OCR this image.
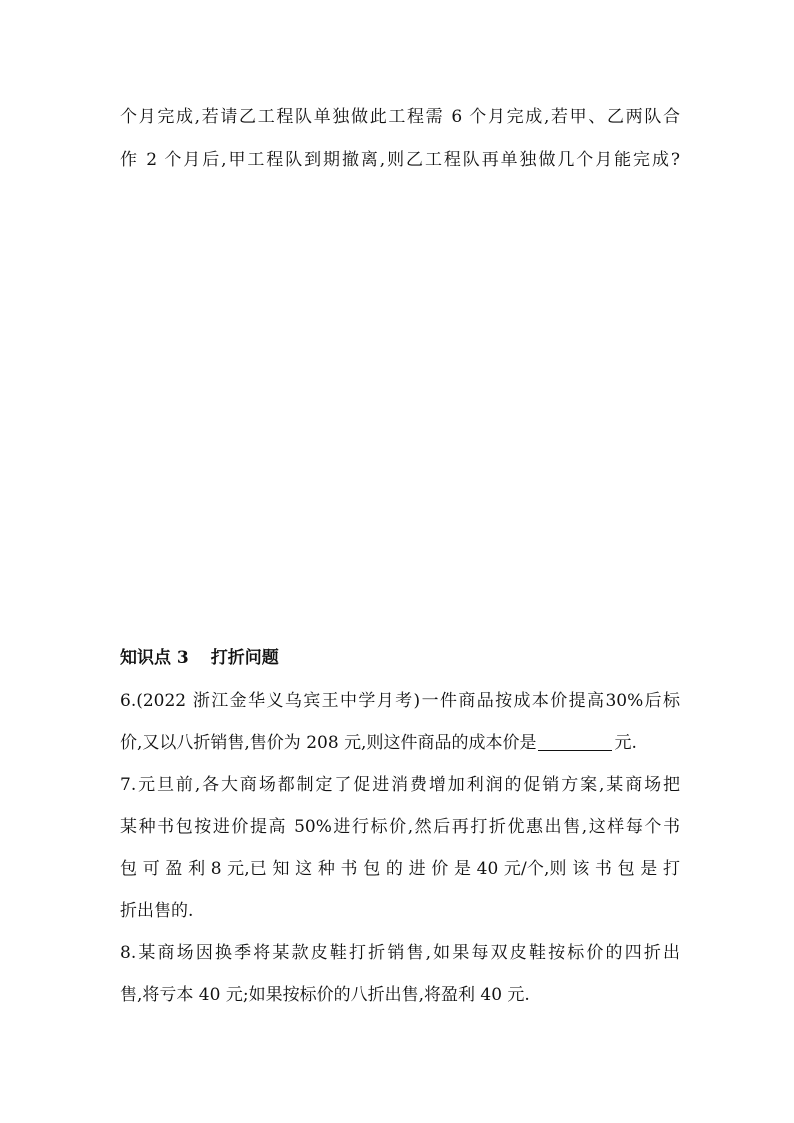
个月完成,若请乙工程队单独做此工程需 6 个月完成,若甲、乙两队合
作 2 个月后,甲工程队到期撤离,则乙工程队再单独做几个月能完成?
知识点 3 打折问题
6.(2022 浙江金华义乌宾王中学月考)一件商品按成本价提高30%后标
价,又以八折销售,售价为 208 元,则这件商品的成本价是	元.
7.元旦前,各大商场都制定了促进消费增加利润的促销方案,某商场把
某种书包按进价提高 50%进行标价,然后再打折优惠出售,这样每个书
包 可 盈 利 8 元,已 知 这 种 书 包 的 进 价 是 40 元/个,则 该 书 包 是 打
折出售的.
8.某商场因换季将某款皮鞋打折销售,如果每双皮鞋按标价的四折出
售,将亏本 40 元;如果按标价的八折出售,将盈利 40 元.
